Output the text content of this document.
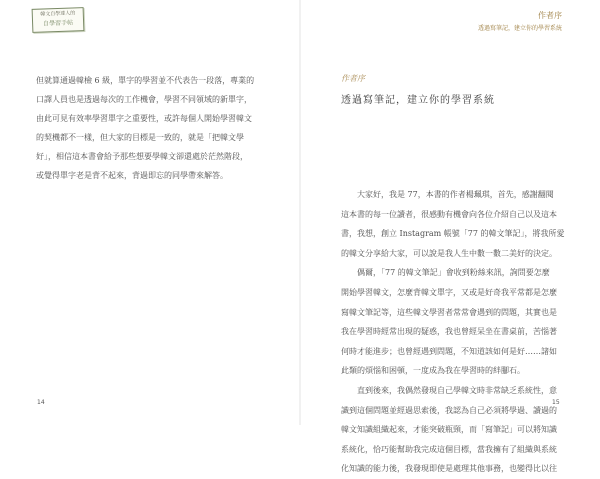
韓文自學達人的
自學習手帖
但就算通過韓檢 6 級，單字的學習並不代表告一段落，專業的
口譯人員也是透過每次的工作機會，學習不同領域的新單字，
由此可見有效率學習單字之重要性，或許每個人開始學習韓文
的契機都不一樣，但大家的目標是一致的，就是「把韓文學
好」，相信這本書會給予那些想要學韓文卻還處於茫然階段，
或覺得單字老是背不起來，背過即忘的同學帶來解答。
14
作者序
透過寫筆記，建立你的學習系統
作者序
透過寫筆記，建立你的學習系統
大家好，我是 77，本書的作者楊珮琪，首先，感謝翻閱
這本書的每一位讀者，很感動有機會向各位介紹自己以及這本
書，我想，創立 Instagram 帳號「77 的韓文筆記」，將我所愛
的韓文分享給大家，可以說是我人生中數一數二美好的決定。
偶爾，「77 的韓文筆記」會收到粉絲來訊，詢問要怎麼
開始學習韓文，怎麼背韓文單字，又或是好奇我平常都是怎麼
寫韓文筆記等，這些韓文學習者常常會遇到的問題，其實也是
我在學習時經常出現的疑惑，我也曾經呆坐在書桌前，苦惱著
何時才能進步；也曾經遇到問題，不知道該如何是好……諸如
此類的煩惱和困頓，一度成為我在學習時的絆腳石。
直到後來，我偶然發現自己學韓文時非常缺乏系統性，意
識到這個問題並經過思索後，我認為自己必須將學過、讀過的
韓文知識組織起來，才能突破瓶頸，而「寫筆記」可以將知識
系統化，恰巧能幫助我完成這個目標，當我擁有了組織與系統
化知識的能力後，我發現即使是處理其他事務，也變得比以往
15
